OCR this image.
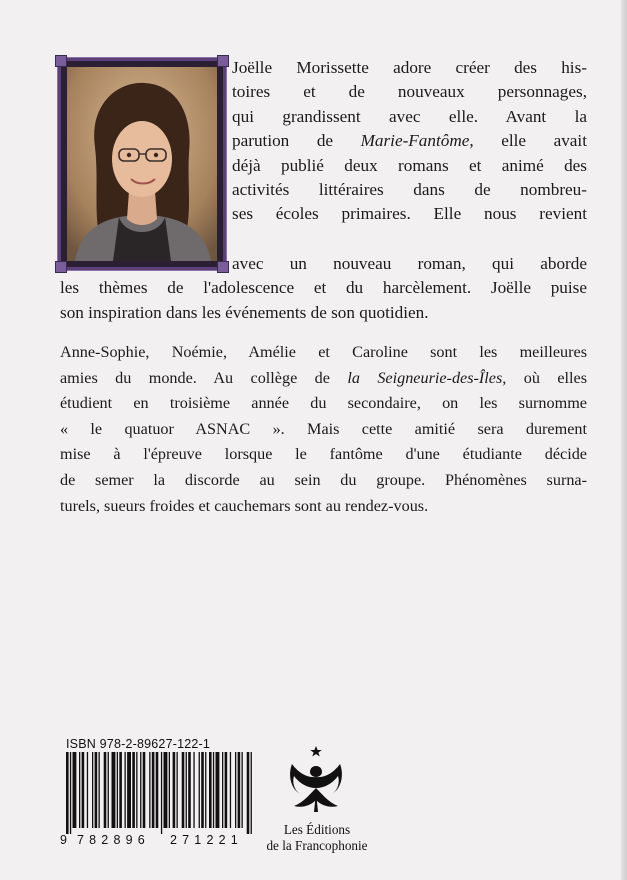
Joëlle Morissette adore créer des his-
toires et de nouveaux personnages,
qui grandissent avec elle. Avant la
parution de Marie-Fantôme, elle avait
déjà publié deux romans et animé des
activités littéraires dans de nombreu-
ses écoles primaires. Elle nous revient
avec un nouveau roman, qui aborde
les thèmes de l'adolescence et du harcèlement. Joëlle puise
son inspiration dans les événements de son quotidien.
Anne-Sophie, Noémie, Amélie et Caroline sont les meilleures
amies du monde. Au collège de la Seigneurie-des-Îles, où elles
étudient en troisième année du secondaire, on les surnomme
« le quatuor ASNAC ». Mais cette amitié sera durement
mise à l'épreuve lorsque le fantôme d'une étudiante décide
de semer la discorde au sein du groupe. Phénomènes surna-
turels, sueurs froides et cauchemars sont au rendez-vous.
ISBN 978-2-89627-122-1
9 782896 271221
Les Éditions
de la Francophonie
